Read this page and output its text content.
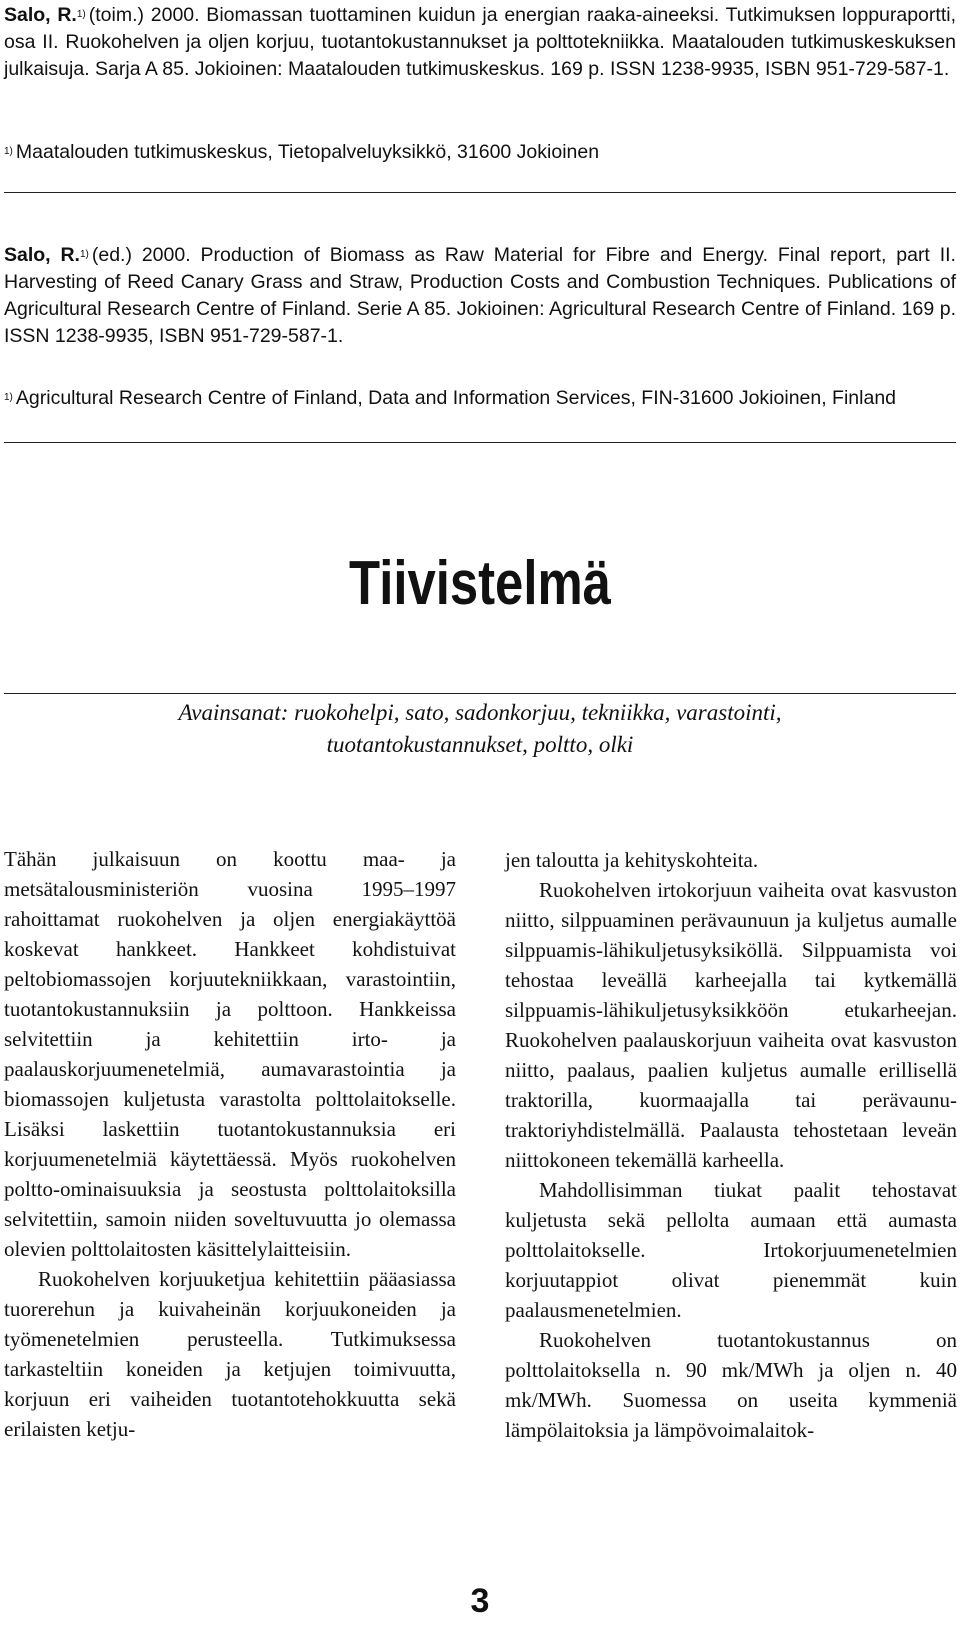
Salo, R.$^{1)}$ (toim.) 2000. Biomassan tuottaminen kuidun ja energian raaka-aineeksi. Tutkimuksen loppuraportti, osa II. Ruokohelven ja oljen korjuu, tuotantokustannukset ja polttotekniikka. Maatalouden tutkimuskeskuksen julkaisuja. Sarja A 85. Jokioinen: Maatalouden tutkimuskeskus. 169 p. ISSN 1238-9935, ISBN 951-729-587-1.
$^{1)}$ Maatalouden tutkimuskeskus, Tietopalveluyksikkö, 31600 Jokioinen
Salo, R.$^{1)}$ (ed.) 2000. Production of Biomass as Raw Material for Fibre and Energy. Final report, part II. Harvesting of Reed Canary Grass and Straw, Production Costs and Combustion Techniques. Publications of Agricultural Research Centre of Finland. Serie A 85. Jokioinen: Agricultural Research Centre of Finland. 169 p. ISSN 1238-9935, ISBN 951-729-587-1.
$^{1)}$ Agricultural Research Centre of Finland, Data and Information Services, FIN-31600 Jokioinen, Finland
Tiivistelmä
Avainsanat: ruokohelpi, sato, sadonkorjuu, tekniikka, varastointi,
tuotantokustannukset, poltto, olki

Tähän julkaisuun on koottu maa- ja metsätalousministeriön vuosina 1995–1997 rahoittamat ruokohelven ja oljen energiakäyttöä koskevat hankkeet. Hankkeet kohdistuivat peltobiomassojen korjuutekniikkaan, varastointiin, tuotantokustannuksiin ja polttoon. Hankkeissa selvitettiin ja kehitettiin irto- ja paalauskorjuumenetelmiä, aumavarastointia ja biomassojen kuljetusta varastolta polttolaitokselle. Lisäksi laskettiin tuotantokustannuksia eri korjuumenetelmiä käytettäessä. Myös ruokohelven poltto-ominaisuuksia ja seostusta polttolaitoksilla selvitettiin, samoin niiden soveltuvuutta jo olemassa olevien polttolaitosten käsittelylaitteisiin.

Ruokohelven korjuuketjua kehitettiin pääasiassa tuorerehun ja kuivaheinän korjuukoneiden ja työmenetelmien perusteella. Tutkimuksessa tarkasteltiin koneiden ja ketjujen toimivuutta, korjuun eri vaiheiden tuotantotehokkuutta sekä erilaisten ketju-

jen taloutta ja kehityskohteita.

Ruokohelven irtokorjuun vaiheita ovat kasvuston niitto, silppuaminen perävaunuun ja kuljetus aumalle silppuamis-lähikuljetusyksiköllä. Silppuamista voi tehostaa leveällä karheejalla tai kytkemällä silppuamis-lähikuljetusyksikköön etukarheejan. Ruokohelven paalauskorjuun vaiheita ovat kasvuston niitto, paalaus, paalien kuljetus aumalle erillisellä traktorilla, kuormaajalla tai perävaunu-traktoriyhdistelmällä. Paalausta tehostetaan leveän niittokoneen tekemällä karheella.

Mahdollisimman tiukat paalit tehostavat kuljetusta sekä pellolta aumaan että aumasta polttolaitokselle. Irtokorjuumenetelmien korjuutappiot olivat pienemmät kuin paalausmenetelmien.

Ruokohelven tuotantokustannus on polttolaitoksella n. 90 mk/MWh ja oljen n. 40 mk/MWh. Suomessa on useita kymmeniä lämpölaitoksia ja lämpövoimalaitok-

3
